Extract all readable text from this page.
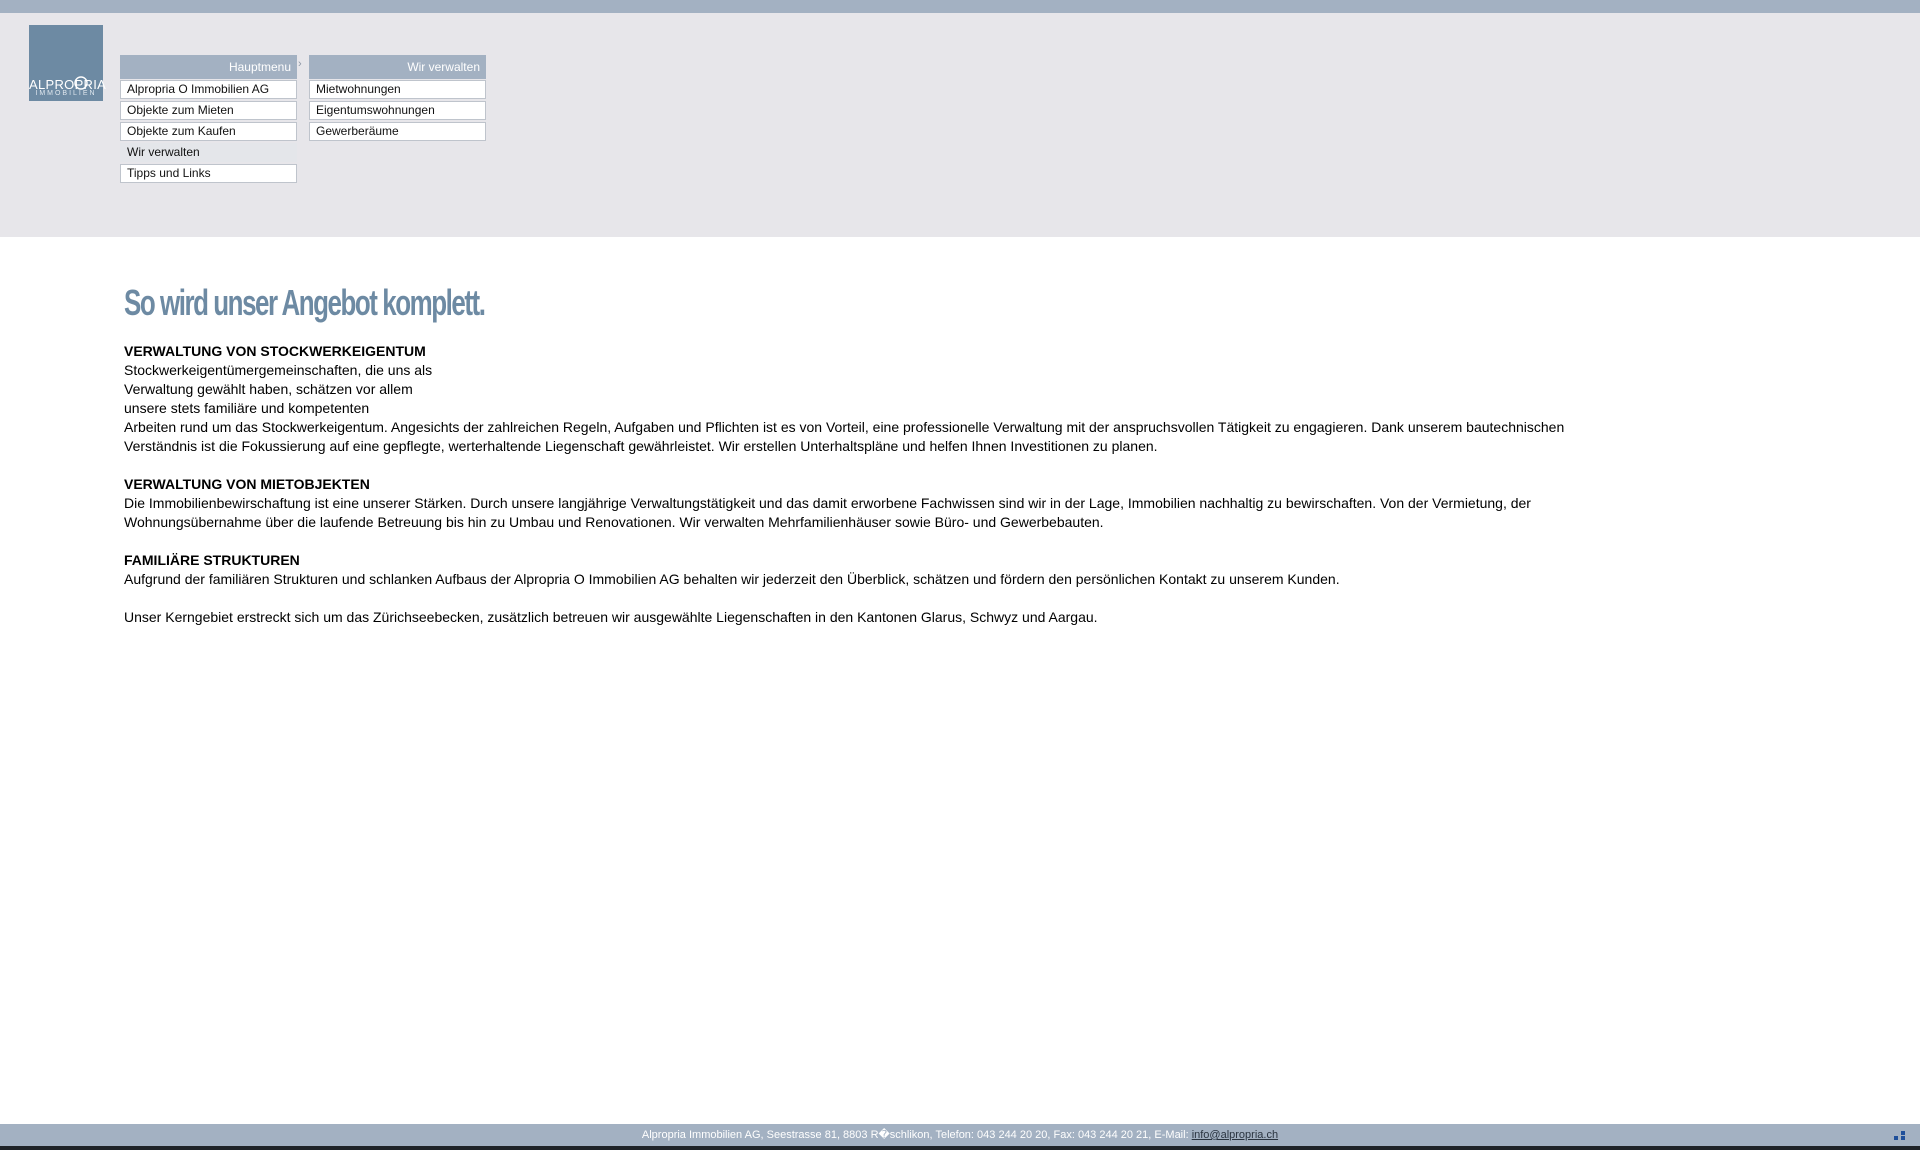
ALPROPRIA
IMMOBILIEN
Hauptmenu
Alpropria O Immobilien AG
Objekte zum Mieten
Objekte zum Kaufen
Wir verwalten
Tipps und Links
›	Wir verwalten
Mietwohnungen
Eigentumswohnungen
Gewerberäume
So wird unser Angebot komplett.
VERWALTUNG VON STOCKWERKEIGENTUM
Stockwerkeigentümergemeinschaften, die uns als
Verwaltung gewählt haben, schätzen vor allem
unsere stets familiäre und kompetenten
Arbeiten rund um das Stockwerkeigentum. Angesichts der zahlreichen Regeln, Aufgaben und Pflichten ist es von Vorteil, eine professionelle Verwaltung mit der anspruchsvollen Tätigkeit zu engagieren. Dank unserem bautechnischen
Verständnis ist die Fokussierung auf eine gepflegte, werterhaltende Liegenschaft gewährleistet. Wir erstellen Unterhaltspläne und helfen Ihnen Investitionen zu planen.
VERWALTUNG VON MIETOBJEKTEN
Die Immobilienbewirschaftung ist eine unserer Stärken. Durch unsere langjährige Verwaltungstätigkeit und das damit erworbene Fachwissen sind wir in der Lage, Immobilien nachhaltig zu bewirschaften. Von der Vermietung, der
Wohnungsübernahme über die laufende Betreuung bis hin zu Umbau und Renovationen. Wir verwalten Mehrfamilienhäuser sowie Büro- und Gewerbebauten.
FAMILIÄRE STRUKTUREN
Aufgrund der familiären Strukturen und schlanken Aufbaus der Alpropria O Immobilien AG behalten wir jederzeit den Überblick, schätzen und fördern den persönlichen Kontakt zu unserem Kunden.
Unser Kerngebiet erstreckt sich um das Zürichseebecken, zusätzlich betreuen wir ausgewählte Liegenschaften in den Kantonen Glarus, Schwyz und Aargau.
Alpropria Immobilien AG, Seestrasse 81, 8803 R�schlikon, Telefon: 043 244 20 20, Fax: 043 244 20 21, E-Mail: info@alpropria.ch
